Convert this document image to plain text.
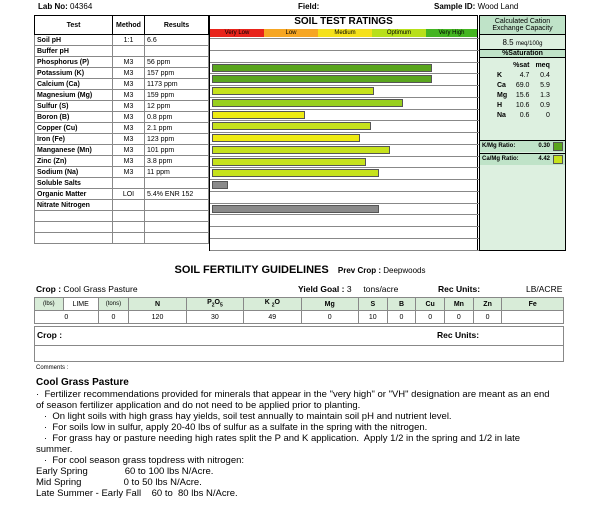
Lab No: 04364	Field:	Sample ID: Wood Land
Test	Method	Results
Soil pH	1:1	6.6
Buffer pH		
Phosphorus (P)	M3	56 ppm
Potassium (K)	M3	157 ppm
Calcium (Ca)	M3	1173 ppm
Magnesium (Mg)	M3	159 ppm
Sulfur (S)	M3	12 ppm
Boron (B)	M3	0.8 ppm
Copper (Cu)	M3	2.1 ppm
Iron (Fe)	M3	123 ppm
Manganese (Mn)	M3	101 ppm
Zinc (Zn)	M3	3.8 ppm
Sodium (Na)	M3	11 ppm
Soluble Salts		
Organic Matter	LOI	5.4% ENR 152
Nitrate Nitrogen		

SOIL TEST RATINGS
Very Low	Low	Medium	Optimum	Very High
Calculated Cation
Exchange Capacity
8.5 meq/100g
%Saturation
	%sat	meq
K	4.7	0.4
Ca	69.0	5.9
Mg	15.6	1.3
H	10.6	0.9
Na	0.6	0
K/Mg Ratio:	0.30
Ca/Mg Ratio:	4.42
SOIL FERTILITY GUIDELINES Prev Crop : Deepwoods
Crop : Cool Grass Pasture	Yield Goal : 3 tons/acre	Rec Units:	LB/ACRE
(lbs)	LIME	(tons)	N	$P_2O_5$	K $_2$O	Mg	S	B	Cu	Mn	Zn	Fe
0		0	120	30	49	0	10	0	0	0	0	
Crop :	Rec Units:
Comments :
Cool Grass Pasture
·  Fertilizer recommendations provided for minerals that appear in the "very high" or "VH" designation are meant as an end
of season fertilizer application and do not need to be applied prior to planting.
·  On light soils with high grass hay yields, soil test annually to maintain soil pH and nutrient level.
·  For soils low in sulfur, apply 20-40 lbs of sulfur as a sulfate in the spring with the nitrogen.
·  For grass hay or pasture needing high rates split the P and K application.  Apply 1/2 in the spring and 1/2 in late
summer.
·  For cool season grass topdress with nitrogen:
Early Spring              60 to 100 lbs N/Acre.
Mid Spring                0 to 50 lbs N/Acre.
Late Summer - Early Fall    60 to  80 lbs N/Acre.
